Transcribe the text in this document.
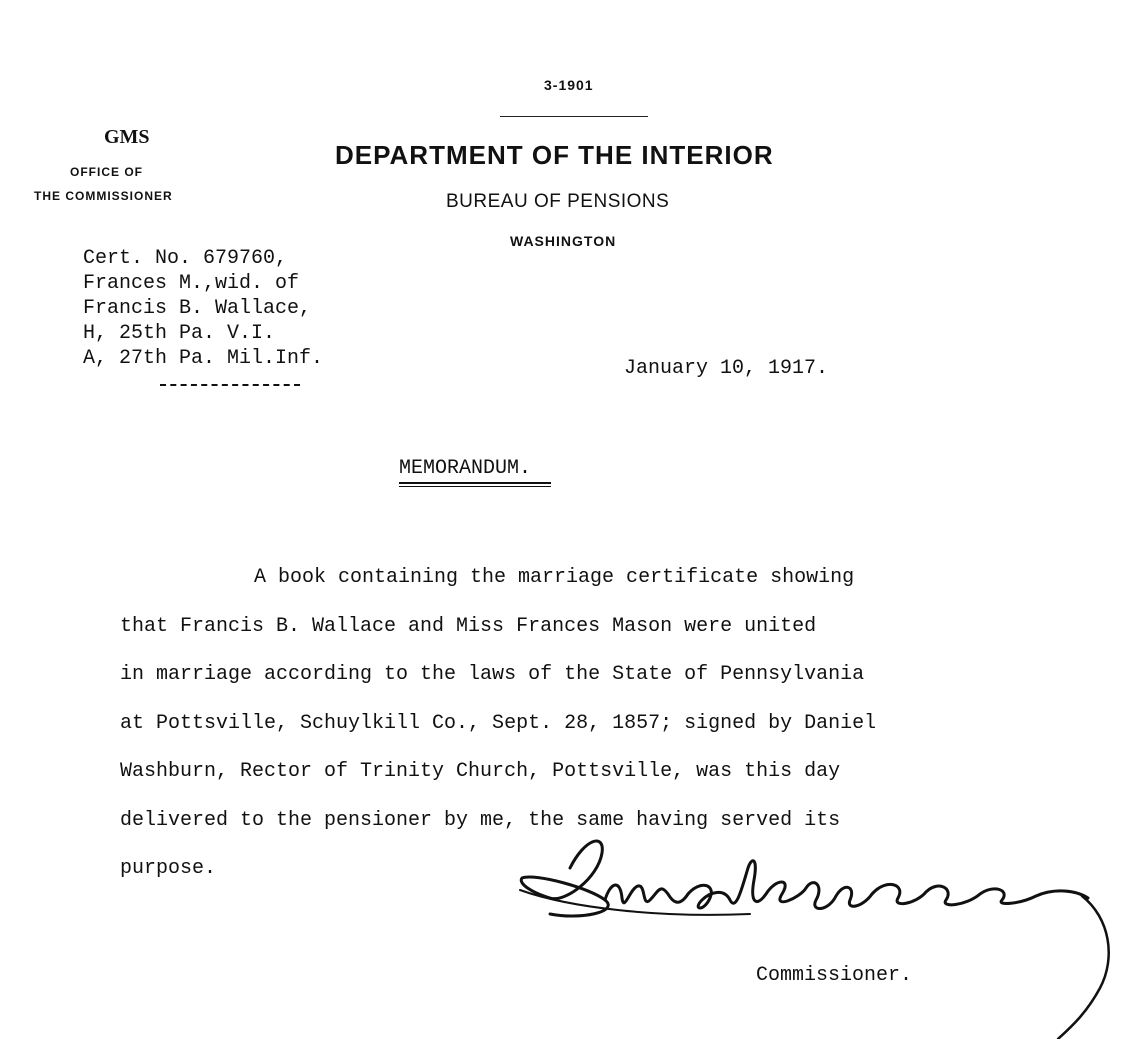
3-1901
GMS
OFFICE OF
THE COMMISSIONER
DEPARTMENT OF THE INTERIOR
BUREAU OF PENSIONS
WASHINGTON
Cert. No. 679760,
Frances M.,wid. of
Francis B. Wallace,
H, 25th Pa. V.I.
A, 27th Pa. Mil.Inf.	January 10, 1917.
MEMORANDUM.
A book containing the marriage certificate showing
that Francis B. Wallace and Miss Frances Mason were united
in marriage according to the laws of the State of Pennsylvania
at Pottsville, Schuylkill Co., Sept. 28, 1857; signed by Daniel
Washburn, Rector of Trinity Church, Pottsville, was this day
delivered to the pensioner by me, the same having served its
purpose.
Commissioner.
